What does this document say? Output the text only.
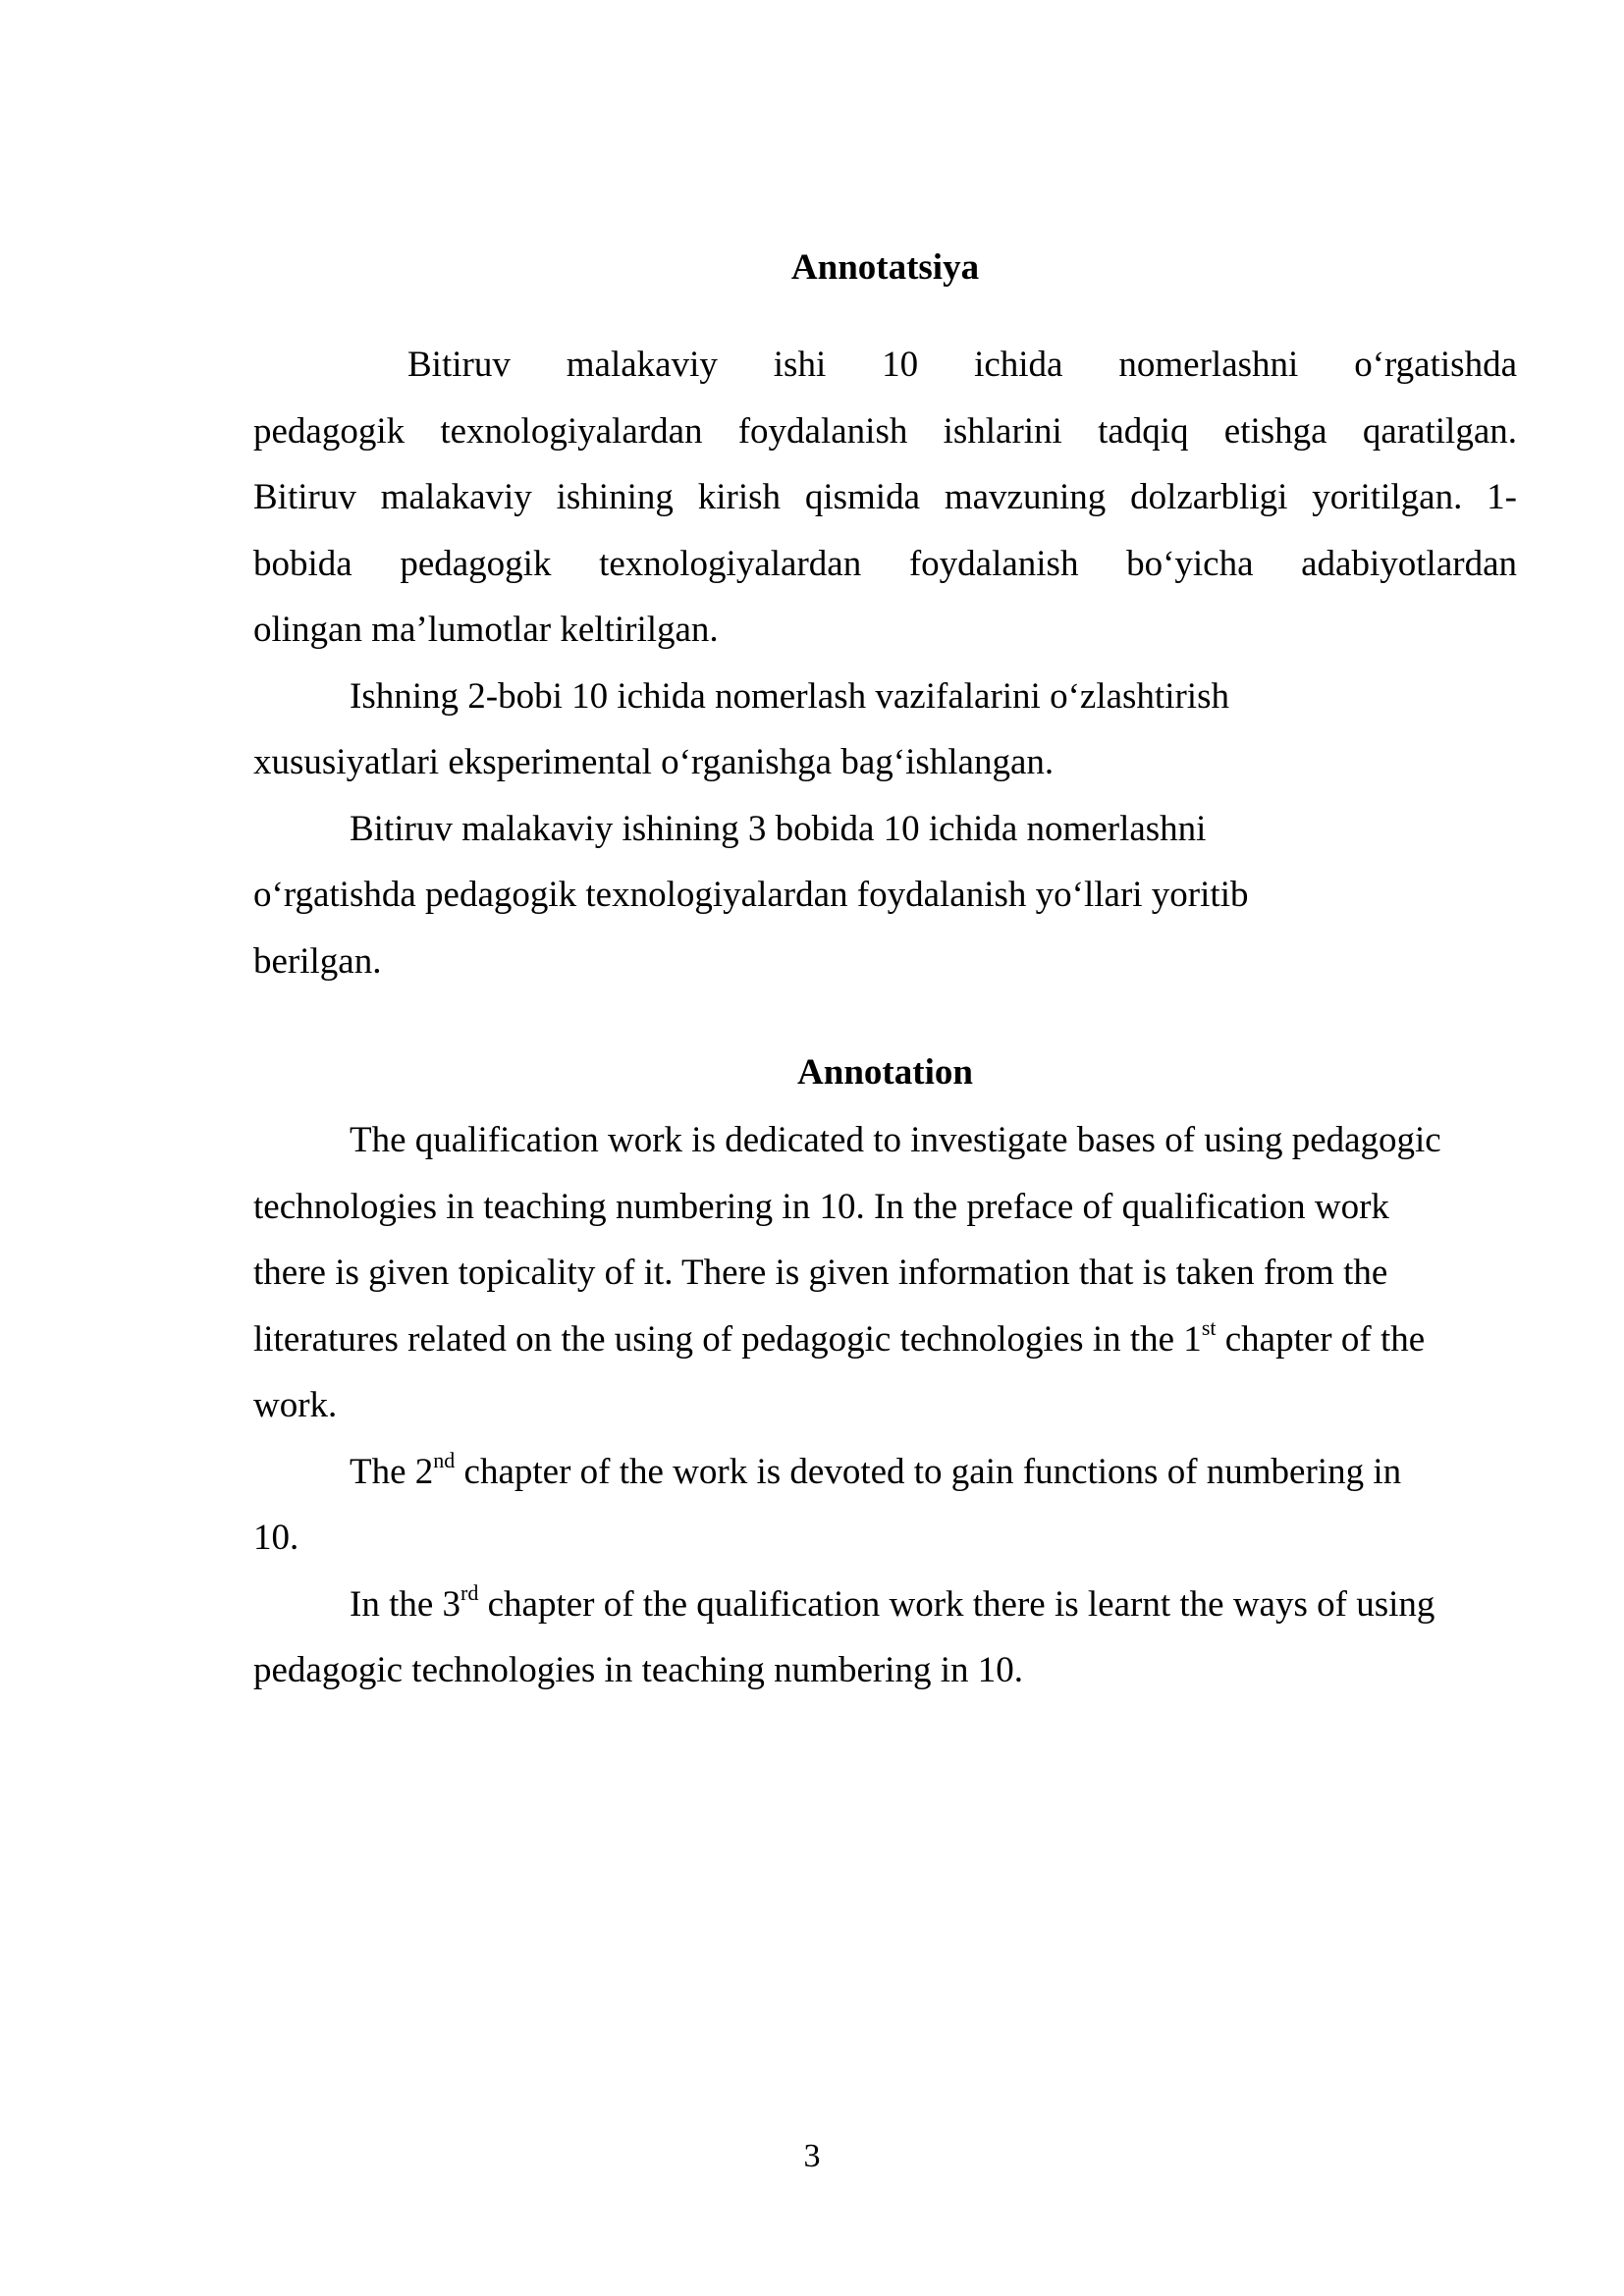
Annotatsiya
Bitiruv malakaviy ishi 10 ichida nomerlashni o‘rgatishda
pedagogik texnologiyalardan foydalanish ishlarini tadqiq etishga qaratilgan.
Bitiruv malakaviy ishining kirish qismida mavzuning dolzarbligi yoritilgan. 1-
bobida pedagogik texnologiyalardan foydalanish bo‘yicha adabiyotlardan
olingan ma’lumotlar keltirilgan.
Ishning 2-bobi 10 ichida nomerlash vazifalarini o‘zlashtirish
xususiyatlari eksperimental o‘rganishga bag‘ishlangan.
Bitiruv malakaviy ishining 3 bobida 10 ichida nomerlashni
o‘rgatishda pedagogik texnologiyalardan foydalanish yo‘llari yoritib
berilgan.
Annotation
The qualification work is dedicated to investigate bases of using pedagogic
technologies in teaching numbering in 10. In the preface of qualification work
there is given topicality of it. There is given information that is taken from the
literatures related on the using of pedagogic technologies in the 1st chapter of the
work.
The 2nd chapter of the work is devoted to gain functions of numbering in
10.
In the 3rd chapter of the qualification work there is learnt the ways of using
pedagogic technologies in teaching numbering in 10.
3
